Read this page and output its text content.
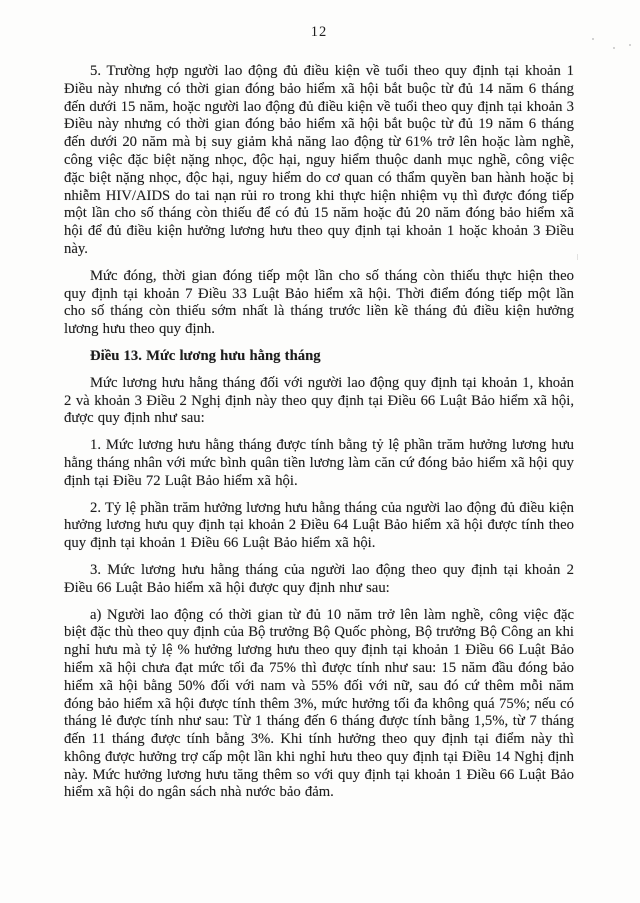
12

5. Trường hợp người lao động đủ điều kiện về tuổi theo quy định tại khoản 1 Điều này nhưng có thời gian đóng bảo hiểm xã hội bắt buộc từ đủ 14 năm 6 tháng đến dưới 15 năm, hoặc người lao động đủ điều kiện về tuổi theo quy định tại khoản 3 Điều này nhưng có thời gian đóng bảo hiểm xã hội bắt buộc từ đủ 19 năm 6 tháng đến dưới 20 năm mà bị suy giảm khả năng lao động từ 61% trở lên hoặc làm nghề, công việc đặc biệt nặng nhọc, độc hại, nguy hiểm thuộc danh mục nghề, công việc đặc biệt nặng nhọc, độc hại, nguy hiểm do cơ quan có thẩm quyền ban hành hoặc bị nhiễm HIV/AIDS do tai nạn rủi ro trong khi thực hiện nhiệm vụ thì được đóng tiếp một lần cho số tháng còn thiếu để có đủ 15 năm hoặc đủ 20 năm đóng bảo hiểm xã hội để đủ điều kiện hưởng lương hưu theo quy định tại khoản 1 hoặc khoản 3 Điều này.

Mức đóng, thời gian đóng tiếp một lần cho số tháng còn thiếu thực hiện theo quy định tại khoản 7 Điều 33 Luật Bảo hiểm xã hội. Thời điểm đóng tiếp một lần cho số tháng còn thiếu sớm nhất là tháng trước liền kề tháng đủ điều kiện hưởng lương hưu theo quy định.

Điều 13. Mức lương hưu hằng tháng

Mức lương hưu hằng tháng đối với người lao động quy định tại khoản 1, khoản 2 và khoản 3 Điều 2 Nghị định này theo quy định tại Điều 66 Luật Bảo hiểm xã hội, được quy định như sau:

1. Mức lương hưu hằng tháng được tính bằng tỷ lệ phần trăm hưởng lương hưu hằng tháng nhân với mức bình quân tiền lương làm căn cứ đóng bảo hiểm xã hội quy định tại Điều 72 Luật Bảo hiểm xã hội.

2. Tỷ lệ phần trăm hưởng lương hưu hằng tháng của người lao động đủ điều kiện hưởng lương hưu quy định tại khoản 2 Điều 64 Luật Bảo hiểm xã hội được tính theo quy định tại khoản 1 Điều 66 Luật Bảo hiểm xã hội.

3. Mức lương hưu hằng tháng của người lao động theo quy định tại khoản 2 Điều 66 Luật Bảo hiểm xã hội được quy định như sau:

a) Người lao động có thời gian từ đủ 10 năm trở lên làm nghề, công việc đặc biệt đặc thù theo quy định của Bộ trưởng Bộ Quốc phòng, Bộ trưởng Bộ Công an khi nghỉ hưu mà tỷ lệ % hưởng lương hưu theo quy định tại khoản 1 Điều 66 Luật Bảo hiểm xã hội chưa đạt mức tối đa 75% thì được tính như sau: 15 năm đầu đóng bảo hiểm xã hội bằng 50% đối với nam và 55% đối với nữ, sau đó cứ thêm mỗi năm đóng bảo hiểm xã hội được tính thêm 3%, mức hưởng tối đa không quá 75%; nếu có tháng lẻ được tính như sau: Từ 1 tháng đến 6 tháng được tính bằng 1,5%, từ 7 tháng đến 11 tháng được tính bằng 3%. Khi tính hưởng theo quy định tại điểm này thì không được hưởng trợ cấp một lần khi nghỉ hưu theo quy định tại Điều 14 Nghị định này. Mức hưởng lương hưu tăng thêm so với quy định tại khoản 1 Điều 66 Luật Bảo hiểm xã hội do ngân sách nhà nước bảo đảm.
